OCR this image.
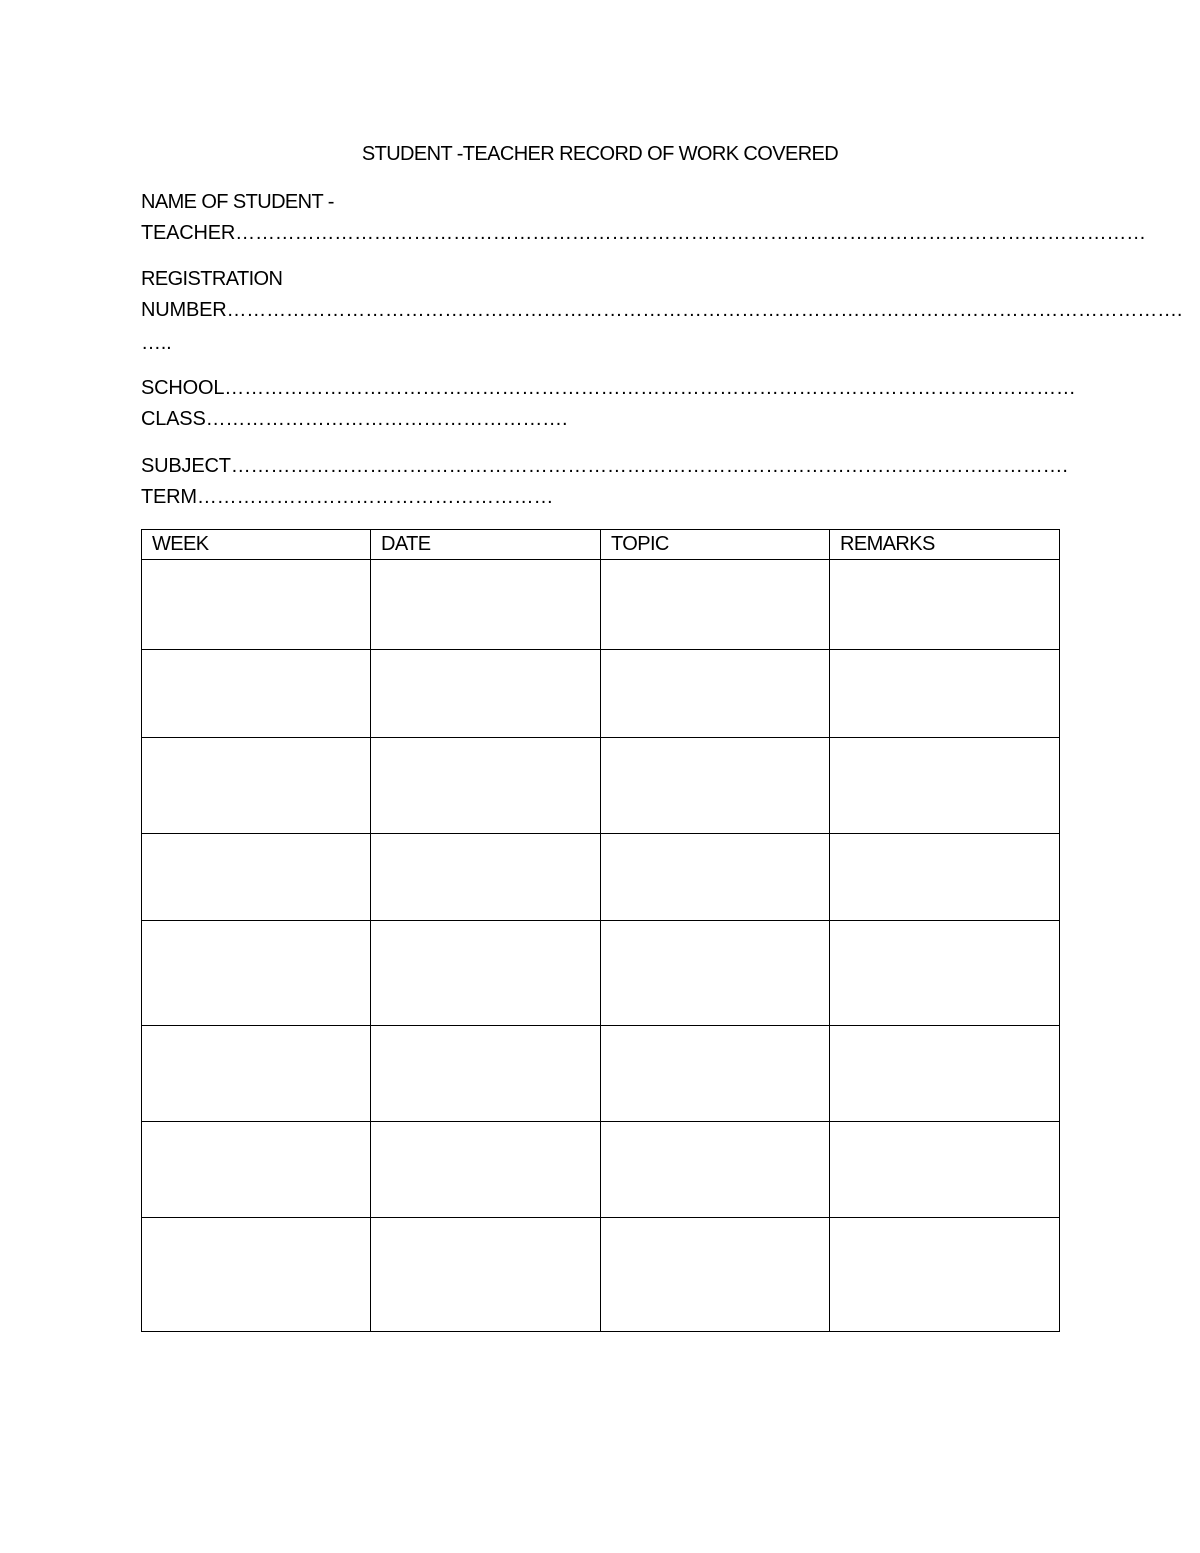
STUDENT -TEACHER RECORD OF WORK COVERED
NAME OF STUDENT -
TEACHER…………………………………………………………………………………………………………………………
REGISTRATION
NUMBER……………………………………………………………………………………………………………………………….
…..
SCHOOL…………………………………………………………………………………………………………………
CLASS……………………………………………….
SUBJECT……………………………………………………………………………………………………………….
TERM………………………………………………
WEEK	DATE	TOPIC	REMARKS
